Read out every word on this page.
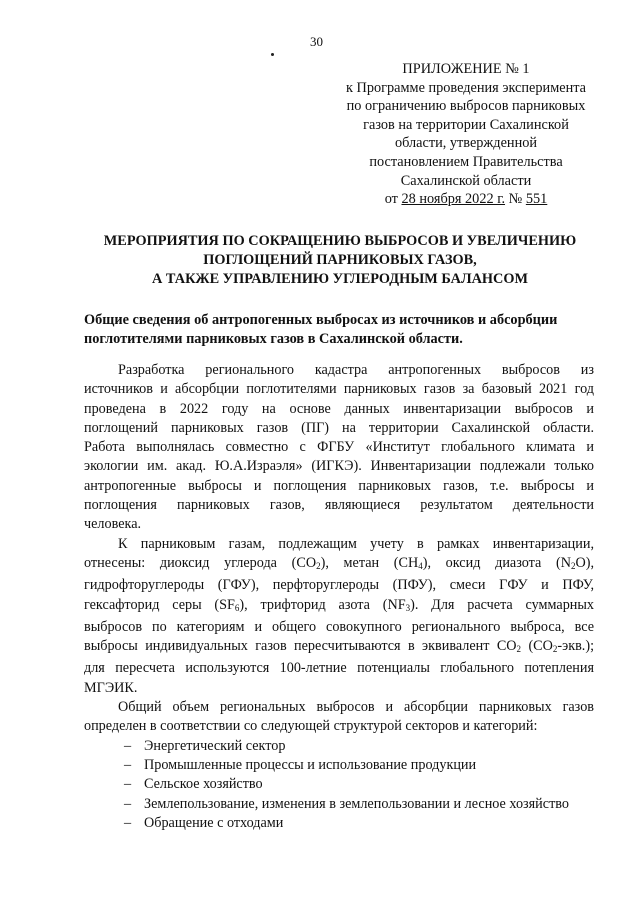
30
ПРИЛОЖЕНИЕ № 1
к Программе проведения эксперимента
по ограничению выбросов парниковых
газов на территории Сахалинской
области, утвержденной
постановлением Правительства
Сахалинской области
от 28 ноября 2022 г. № 551
МЕРОПРИЯТИЯ ПО СОКРАЩЕНИЮ ВЫБРОСОВ И УВЕЛИЧЕНИЮ
ПОГЛОЩЕНИЙ ПАРНИКОВЫХ ГАЗОВ,
А ТАКЖЕ УПРАВЛЕНИЮ УГЛЕРОДНЫМ БАЛАНСОМ
Общие сведения об антропогенных выбросах из источников и абсорбции
поглотителями парниковых газов в Сахалинской области.
Разработка регионального кадастра антропогенных выбросов из
источников и абсорбции поглотителями парниковых газов за базовый 2021 год
проведена в 2022 году на основе данных инвентаризации выбросов и
поглощений парниковых газов (ПГ) на территории Сахалинской области.
Работа выполнялась совместно с ФГБУ «Институт глобального климата и
экологии им. акад. Ю.А.Израэля» (ИГКЭ). Инвентаризации подлежали только
антропогенные выбросы и поглощения парниковых газов, т.е. выбросы и
поглощения парниковых газов, являющиеся результатом деятельности
человека.
К парниковым газам, подлежащим учету в рамках инвентаризации,
отнесены: диоксид углерода $(СО_2)$, метан $(СН_4)$, оксид диазота $(N_2О)$,
гидрофторуглероды (ГФУ), перфторуглероды (ПФУ), смеси ГФУ и ПФУ,
гексафторид серы $(SF_6)$, трифторид азота $(NF_3)$. Для расчета суммарных
выбросов по категориям и общего совокупного регионального выброса, все
выбросы индивидуальных газов пересчитываются в эквивалент $СО_2$ $(СО_2-экв.)$;
для пересчета используются 100-летние потенциалы глобального потепления
МГЭИК.
Общий объем региональных выбросов и абсорбции парниковых газов
определен в соответствии со следующей структурой секторов и категорий:
– Энергетический сектор
– Промышленные процессы и использование продукции
– Сельское хозяйство
– Землепользование, изменения в землепользовании и лесное хозяйство
– Обращение с отходами
